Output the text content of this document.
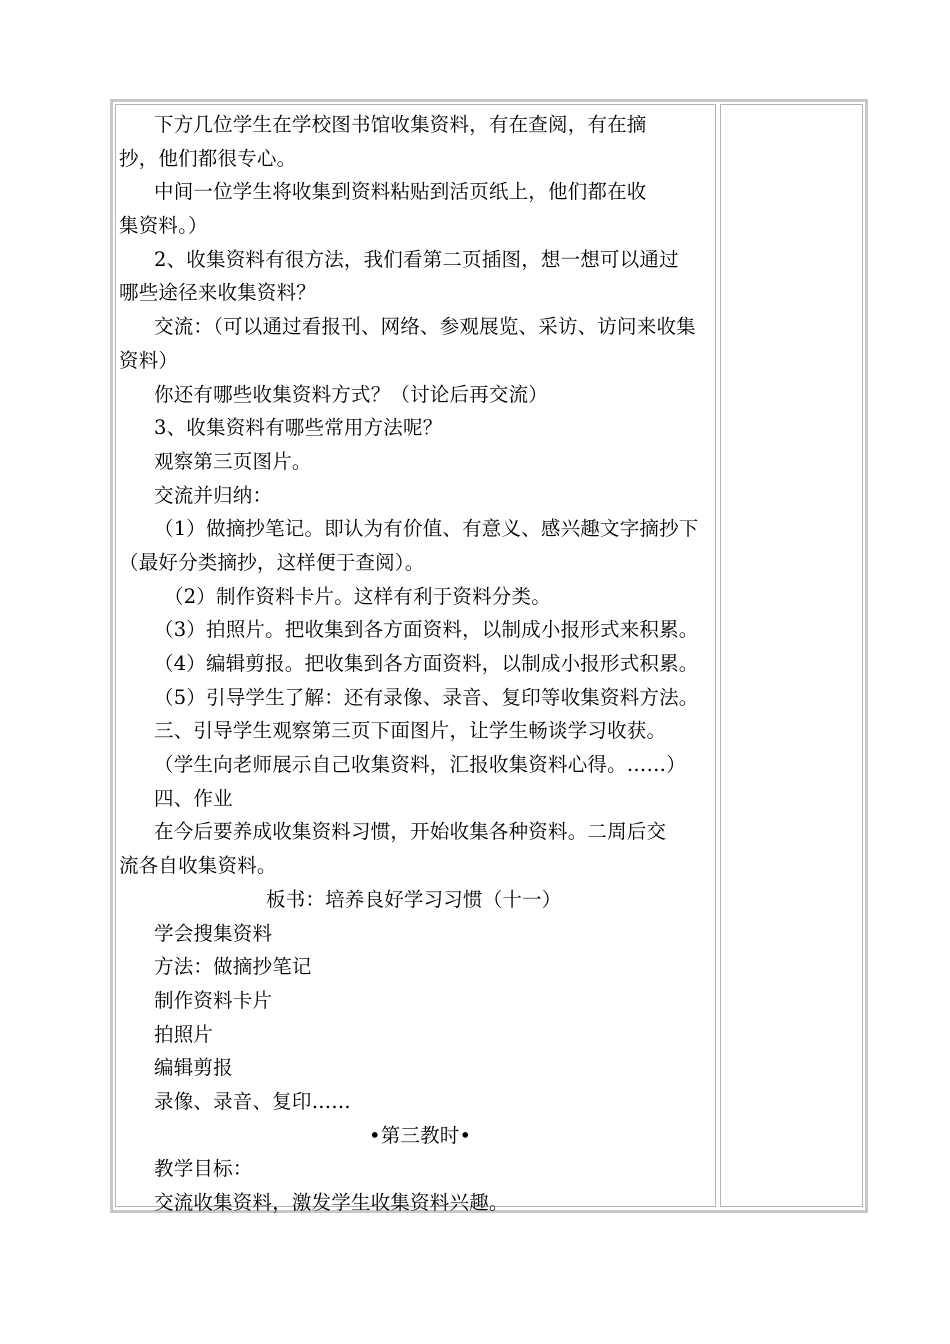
下方几位学生在学校图书馆收集资料，有在查阅，有在摘
抄，他们都很专心。
中间一位学生将收集到资料粘贴到活页纸上，他们都在收
集资料。）
2、收集资料有很方法，我们看第二页插图，想一想可以通过
哪些途径来收集资料？
交流：（可以通过看报刊、网络、参观展览、采访、访问来收集
资料）
你还有哪些收集资料方式？（讨论后再交流）
3、收集资料有哪些常用方法呢？
观察第三页图片。
交流并归纳：
（1）做摘抄笔记。即认为有价值、有意义、感兴趣文字摘抄下
（最好分类摘抄，这样便于查阅）。
（2）制作资料卡片。这样有利于资料分类。
（3）拍照片。把收集到各方面资料，以制成小报形式来积累。
（4）编辑剪报。把收集到各方面资料，以制成小报形式积累。
（5）引导学生了解：还有录像、录音、复印等收集资料方法。
三、引导学生观察第三页下面图片，让学生畅谈学习收获。
（学生向老师展示自己收集资料，汇报收集资料心得。……）
四、作业
在今后要养成收集资料习惯，开始收集各种资料。二周后交
流各自收集资料。
板书：培养良好学习习惯（十一）
学会搜集资料
方法：做摘抄笔记
制作资料卡片
拍照片
编辑剪报
录像、录音、复印……
•第三教时•
教学目标：
交流收集资料，激发学生收集资料兴趣。
